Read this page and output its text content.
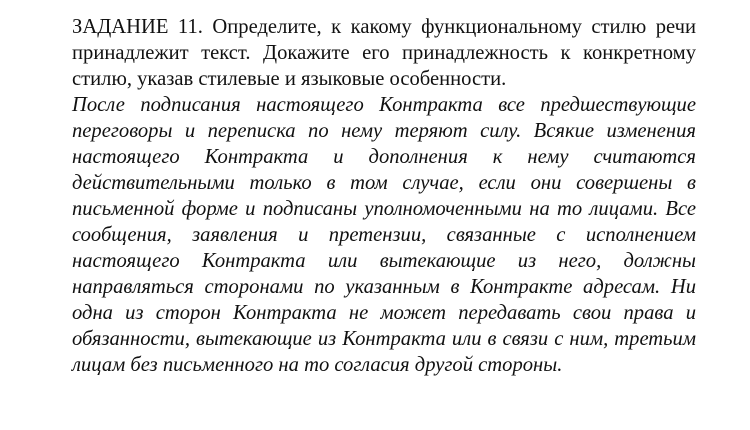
ЗАДАНИЕ 11. Определите, к какому функциональному стилю речи принадлежит текст. Докажите его принадлежность к конкретному стилю, указав стилевые и языковые особенности.

После подписания настоящего Контракта все предшествующие переговоры и переписка по нему теряют силу. Всякие изменения настоящего Контракта и дополнения к нему считаются действительными только в том случае, если они совершены в письменной форме и подписаны уполномоченными на то лицами. Все сообщения, заявления и претензии, связанные с исполнением настоящего Контракта или вытекающие из него, должны направляться сторонами по указанным в Контракте адресам. Ни одна из сторон Контракта не может передавать свои права и обязанности, вытекающие из Контракта или в связи с ним, третьим лицам без письменного на то согласия другой стороны.
